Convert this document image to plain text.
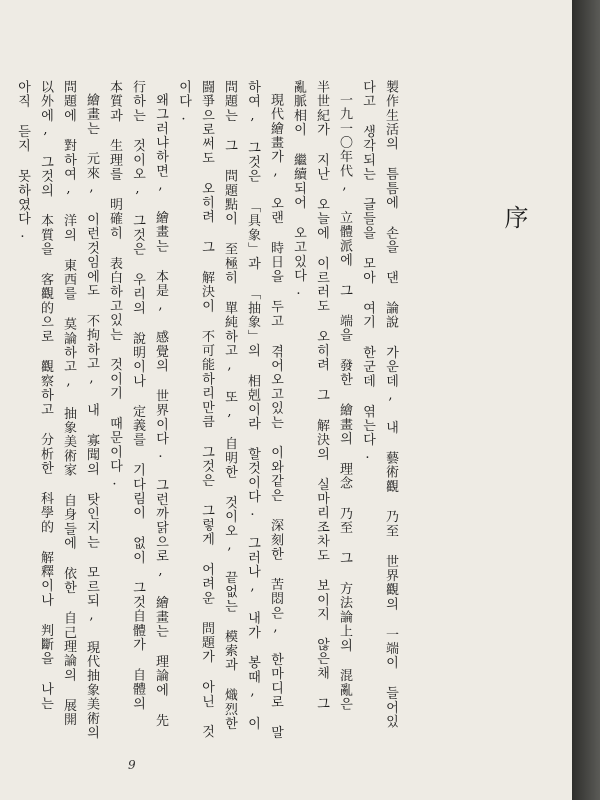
序

製作生活의 틈틈에 손을 댄 論說 가운데, 내 藝術觀 乃至 世界觀의 一端이 들어있다고 생각되는 글들을 모아 여기 한군데 엮는다.

一九一〇年代, 立體派에 그 端을 發한 繪畫의 理念 乃至 그 方法論上의 混亂은 半世紀가 지난 오늘에 이르러도 오히려 그 解決의 실마리조차도 보이지 않은채 그 亂脈相이 繼續되어 오고있다.

現代繪畫가, 오랜 時日을 두고 겪어오고있는 이와같은 深刻한 苦悶은, 한마디로 말하여, 그것은 「具象」과 「抽象」의 相剋이라 할것이다. 그러나, 내가 봉때, 이 問題는 그 問題點이 至極히 單純하고, 또, 自明한 것이오, 끝없는 模索과 熾烈한 闘爭으로써도 오히려 그 解決이 不可能하리만큼 그것은 그렇게 어려운 問題가 아닌 것이다.

왜그러냐하면, 繪畫는 本是, 感覺의 世界이다. 그런까닭으로, 繪畫는 理論에 先行하는 것이오, 그것은 우리의 說明이나 定義를 기다림이 없이 그것自體가 自體의 本質과 生理를 明確히 表白하고있는 것이기 때문이다.

繪畫는 元來, 이런것임에도 不拘하고, 내 寡聞의 탓인지는 모르되, 現代抽象美術의 問題에 對하여, 洋의 東西를 莫論하고, 抽象美術家 自身들에 依한 自己理論의 展開 以外에, 그것의 本質을 客觀的으로 觀察하고 分析한 科學的 解釋이나 判斷을 나는 아직 듣지 못하였다.

9
